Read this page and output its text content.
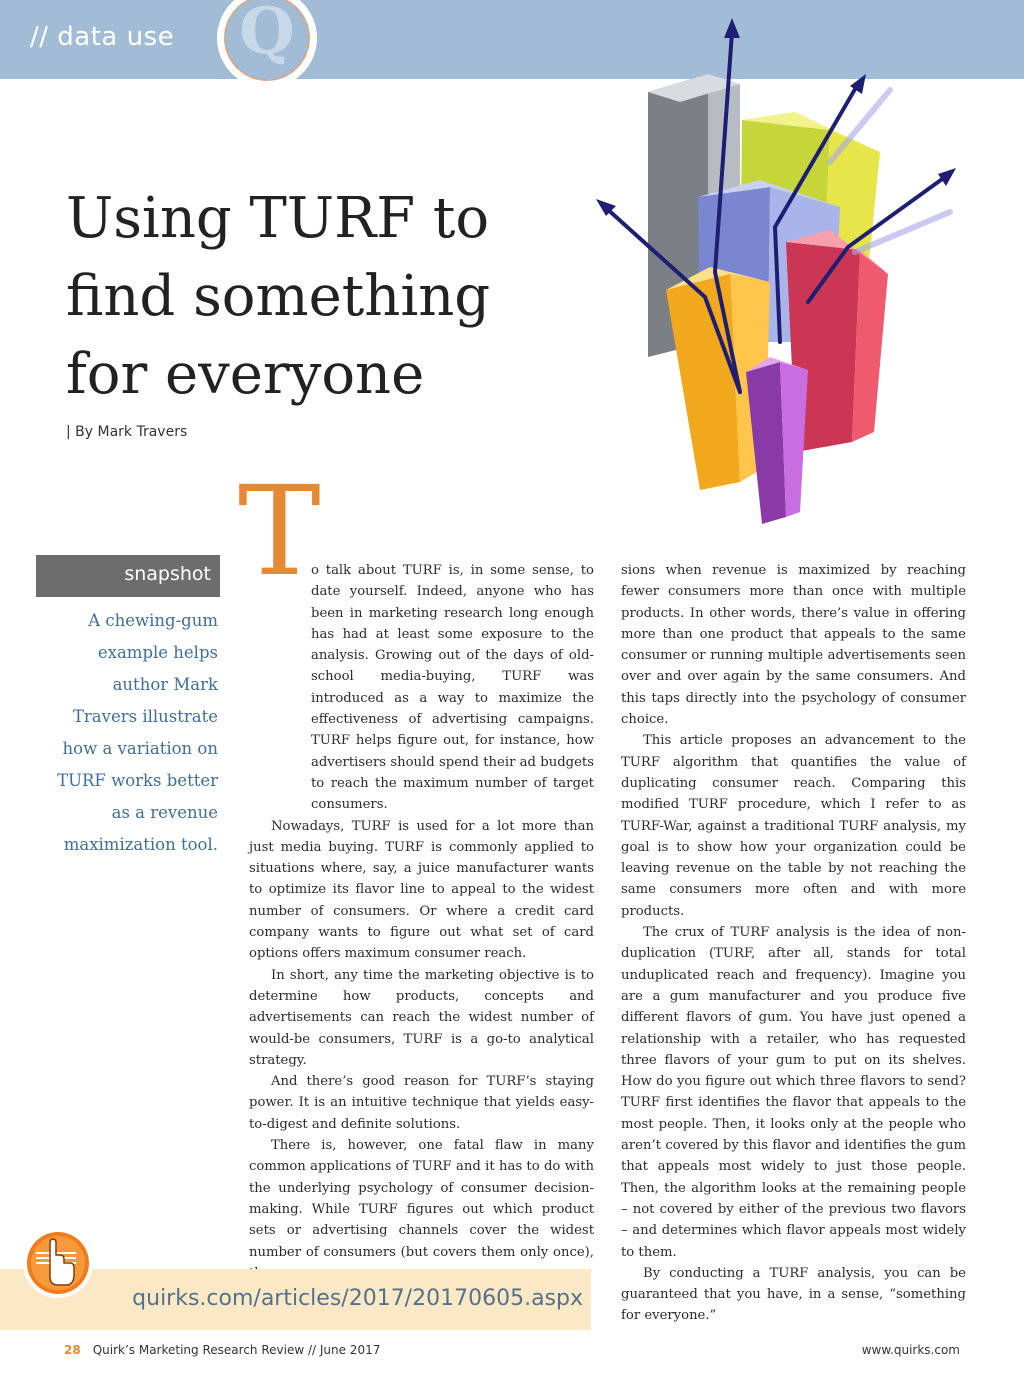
// data use Q
Using TURF to find something for everyone
| By Mark Travers
snapshot

A chewing-gum example helps author Mark Travers illustrate how a variation on TURF works better as a revenue maximization tool.

T

o talk about TURF is, in some sense, to date yourself. Indeed, anyone who has been in marketing research long enough has had at least some exposure to the analysis. Growing out of the days of old-school media-buying, TURF was introduced as a way to maximize the effectiveness of advertising campaigns. TURF helps figure out, for instance, how advertisers should spend their ad budgets to reach the maximum number of target consumers.

Nowadays, TURF is used for a lot more than just media buying. TURF is commonly applied to situations where, say, a juice manufacturer wants to optimize its flavor line to appeal to the widest number of consumers. Or where a credit card company wants to figure out what set of card options offers maximum consumer reach.

In short, any time the marketing objective is to determine how products, concepts and advertisements can reach the widest number of would-be consumers, TURF is a go-to analytical strategy.

And there’s good reason for TURF’s staying power. It is an intuitive technique that yields easy-to-digest and definite solutions.

There is, however, one fatal flaw in many common applications of TURF and it has to do with the underlying psychology of consumer decision-making. While TURF figures out which product sets or advertising channels cover the widest number of consumers (but covers them only once),

sions when revenue is maximized by reaching fewer consumers more than once with multiple products. In other words, there’s value in offering more than one product that appeals to the same consumer or running multiple advertisements seen over and over again by the same consumers. And this taps directly into the psychology of consumer choice.

This article proposes an advancement to the TURF algorithm that quantifies the value of duplicating consumer reach. Comparing this modified TURF procedure, which I refer to as TURF-War, against a traditional TURF analysis, my goal is to show how your organization could be leaving revenue on the table by not reaching the same consumers more often and with more products.

The crux of TURF analysis is the idea of non-duplication (TURF, after all, stands for total unduplicated reach and frequency). Imagine you are a gum manufacturer and you produce five different flavors of gum. You have just opened a relationship with a retailer, who has requested three flavors of your gum to put on its shelves. How do you figure out which three flavors to send? TURF first identifies the flavor that appeals to the most people. Then, it looks only at the people who aren’t covered by this flavor and identifies the gum that appeals most widely to just those people. Then, the algorithm looks at the remaining people – not covered by either of the previous two flavors – and determines which flavor appeals most widely to them.

By conducting a TURF analysis, you can be guaranteed that you have, in a sense, “something for everyone.”

quirks.com/articles/2017/20170605.aspx
28 Quirk’s Marketing Research Review // June 2017	www.quirks.com
